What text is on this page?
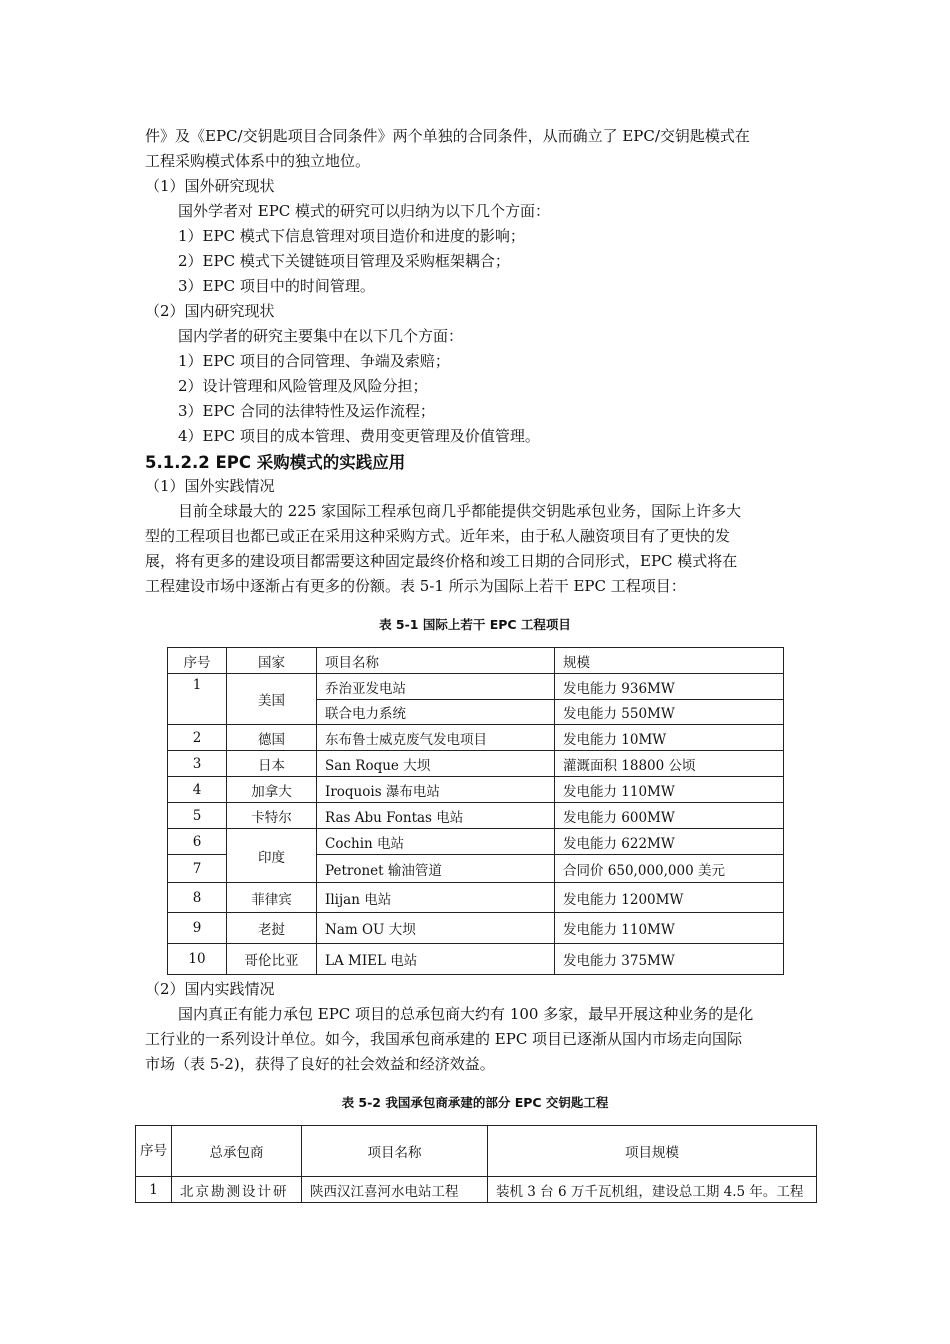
件》及《EPC/交钥匙项目合同条件》两个单独的合同条件，从而确立了 EPC/交钥匙模式在

工程采购模式体系中的独立地位。

（1）国外研究现状

国外学者对 EPC 模式的研究可以归纳为以下几个方面：

1）EPC 模式下信息管理对项目造价和进度的影响；

2）EPC 模式下关键链项目管理及采购框架耦合；

3）EPC 项目中的时间管理。

（2）国内研究现状

国内学者的研究主要集中在以下几个方面：

1）EPC 项目的合同管理、争端及索赔；

2）设计管理和风险管理及风险分担；

3）EPC 合同的法律特性及运作流程；

4）EPC 项目的成本管理、费用变更管理及价值管理。

5.1.2.2 EPC 采购模式的实践应用

（1）国外实践情况

目前全球最大的 225 家国际工程承包商几乎都能提供交钥匙承包业务，国际上许多大

型的工程项目也都已或正在采用这种采购方式。近年来，由于私人融资项目有了更快的发

展，将有更多的建设项目都需要这种固定最终价格和竣工日期的合同形式，EPC 模式将在

工程建设市场中逐渐占有更多的份额。表 5-1 所示为国际上若干 EPC 工程项目：

表 5-1 国际上若干 EPC 工程项目

序号	国家	项目名称	规模
1	美国	乔治亚发电站	发电能力 936MW
		联合电力系统	发电能力 550MW
2	德国	东布鲁士威克废气发电项目	发电能力 10MW
3	日本	San Roque 大坝	灌溉面积 18800 公顷
4	加拿大	Iroquois 瀑布电站	发电能力 110MW
5	卡特尔	Ras Abu Fontas 电站	发电能力 600MW
6	印度	Cochin 电站	发电能力 622MW
7		Petronet 输油管道	合同价 650,000,000 美元
8	菲律宾	Ilijan 电站	发电能力 1200MW
9	老挝	Nam OU 大坝	发电能力 110MW
10	哥伦比亚	LA MIEL 电站	发电能力 375MW

（2）国内实践情况

国内真正有能力承包 EPC 项目的总承包商大约有 100 多家，最早开展这种业务的是化

工行业的一系列设计单位。如今，我国承包商承建的 EPC 项目已逐渐从国内市场走向国际

市场（表 5-2)，获得了良好的社会效益和经济效益。

表 5-2 我国承包商承建的部分 EPC 交钥匙工程

序号	总承包商	项目名称	项目规模
1	北京勘测设计研	陕西汉江喜河水电站工程	装机 3 台 6 万千瓦机组，建设总工期 4.5 年。工程
